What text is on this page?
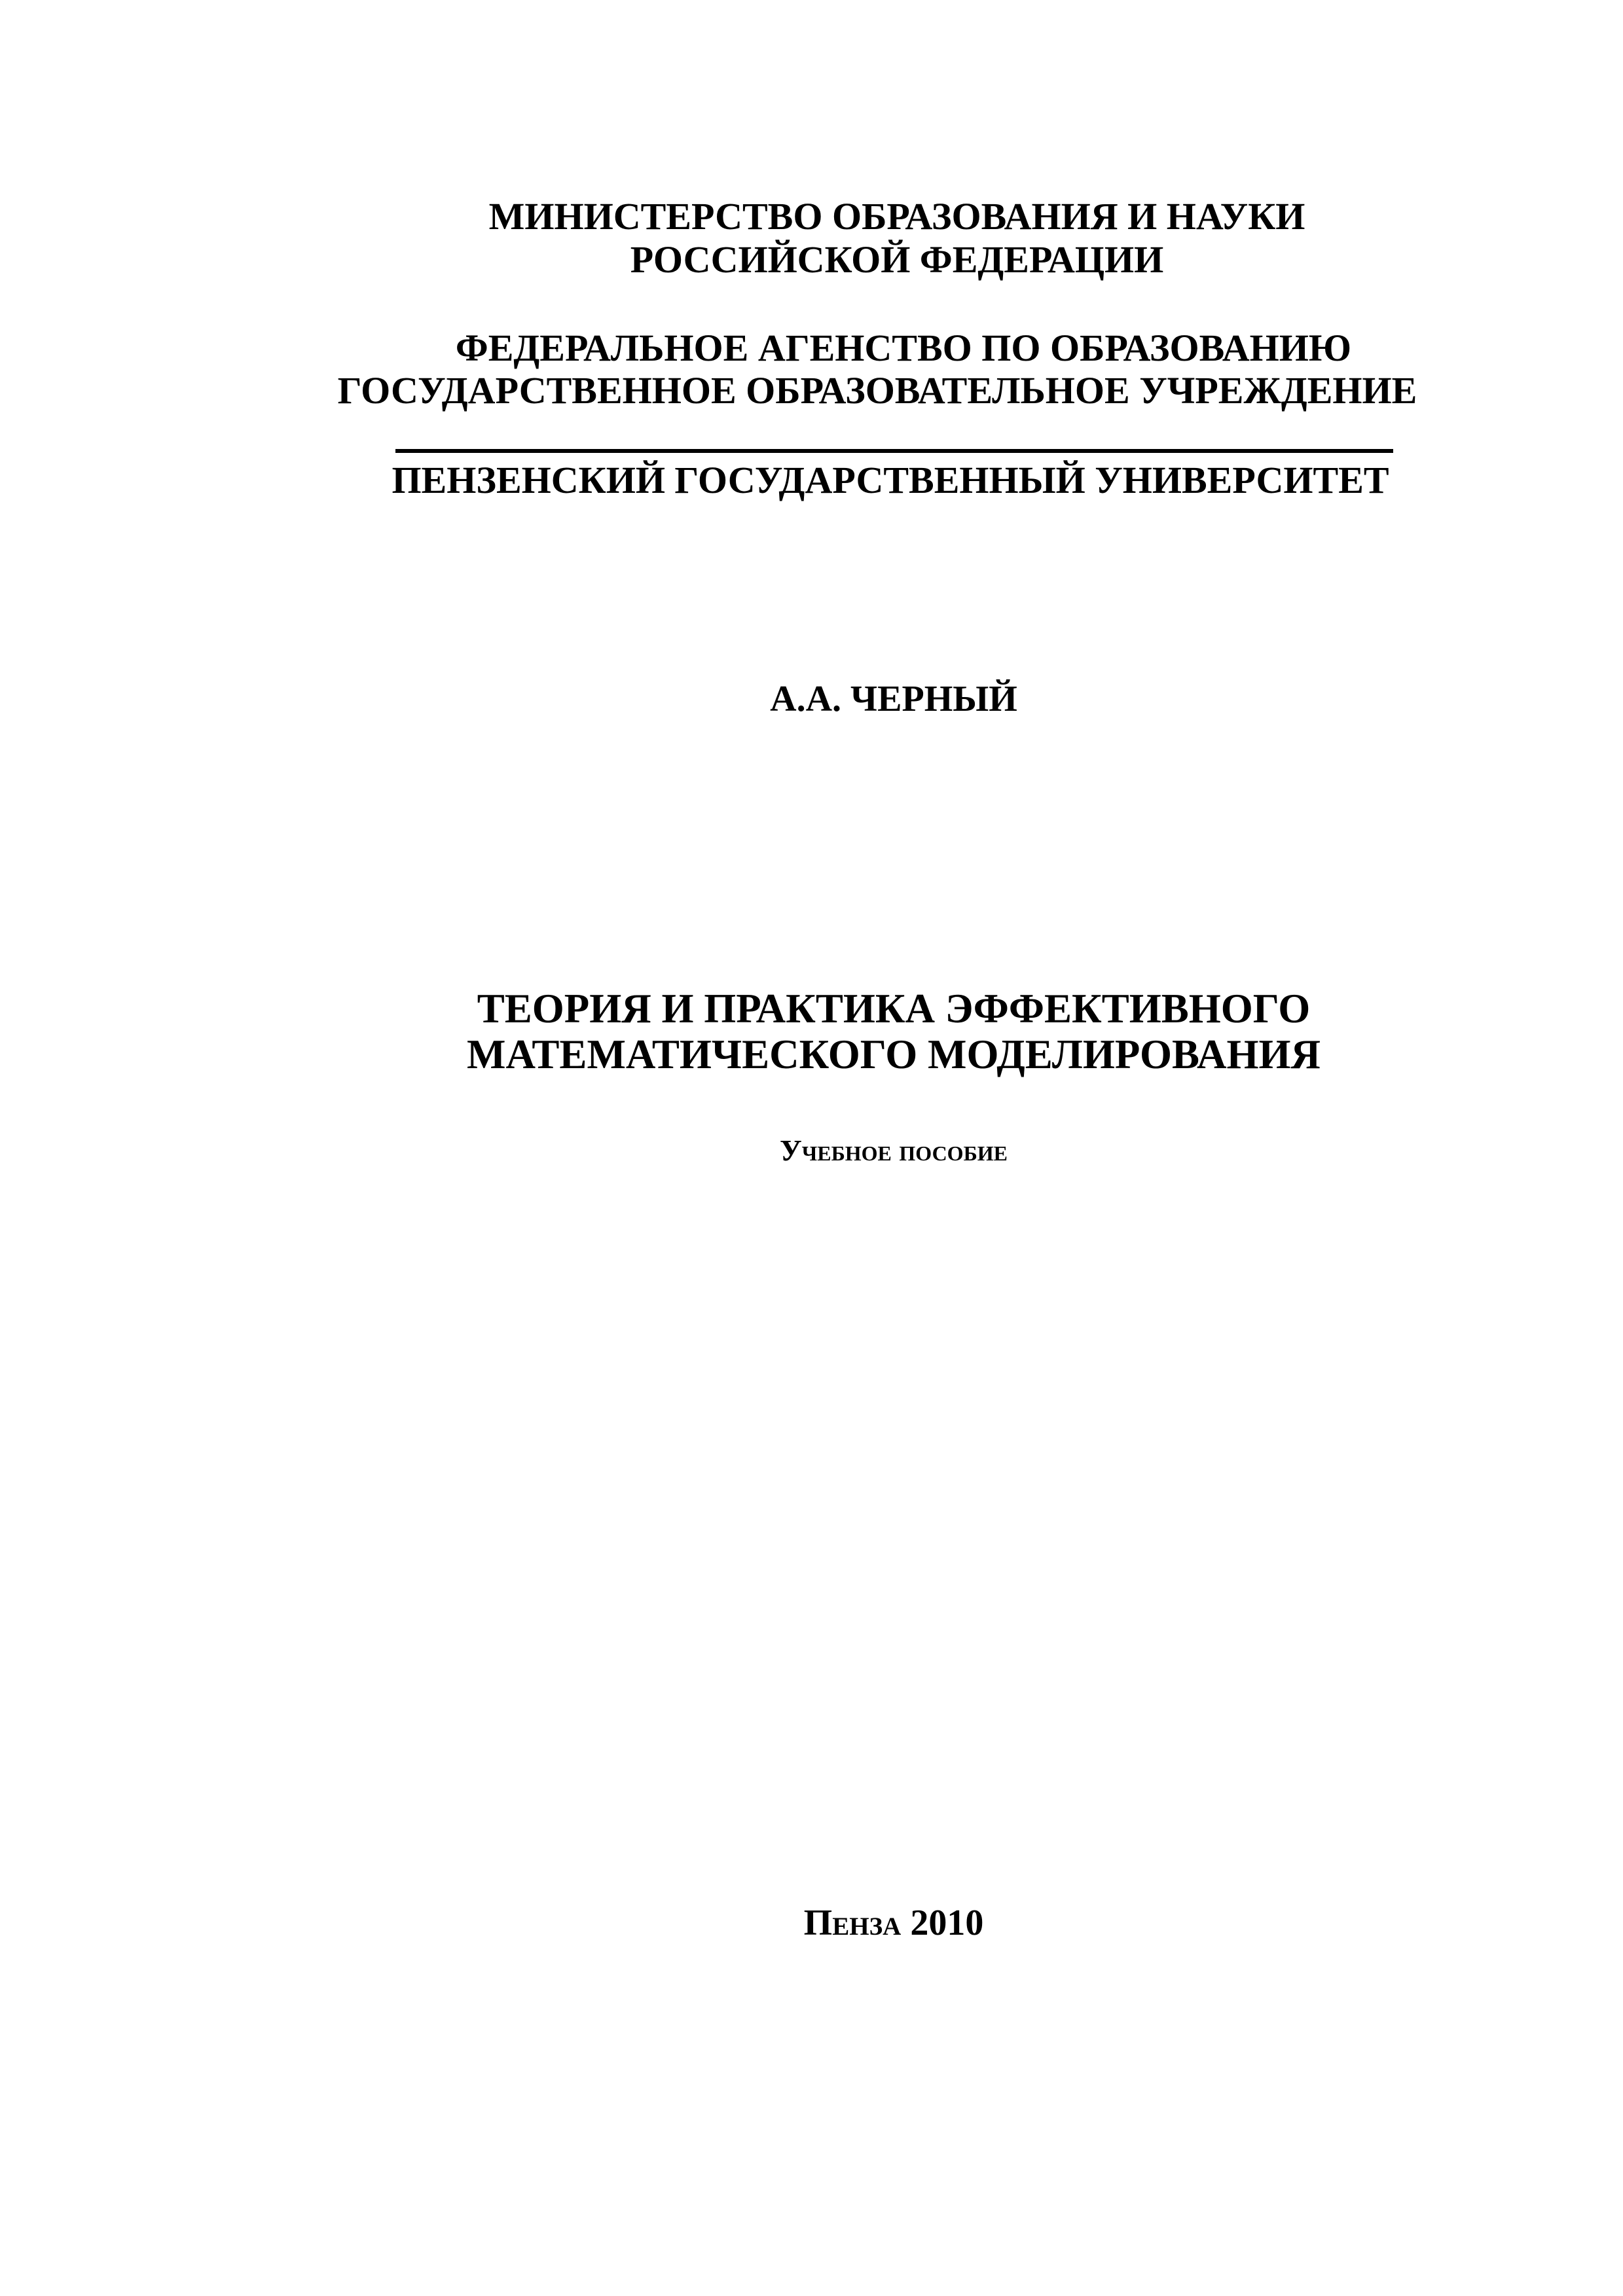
МИНИСТЕРСТВО ОБРАЗОВАНИЯ И НАУКИ
РОССИЙСКОЙ ФЕДЕРАЦИИ
ФЕДЕРАЛЬНОЕ АГЕНСТВО ПО ОБРАЗОВАНИЮ
ГОСУДАРСТВЕННОЕ ОБРАЗОВАТЕЛЬНОЕ УЧРЕЖДЕНИЕ
ПЕНЗЕНСКИЙ ГОСУДАРСТВЕННЫЙ УНИВЕРСИТЕТ
А.А. ЧЕРНЫЙ
ТЕОРИЯ И ПРАКТИКА ЭФФЕКТИВНОГО
МАТЕМАТИЧЕСКОГО МОДЕЛИРОВАНИЯ
Учебное пособие
Пенза 2010
